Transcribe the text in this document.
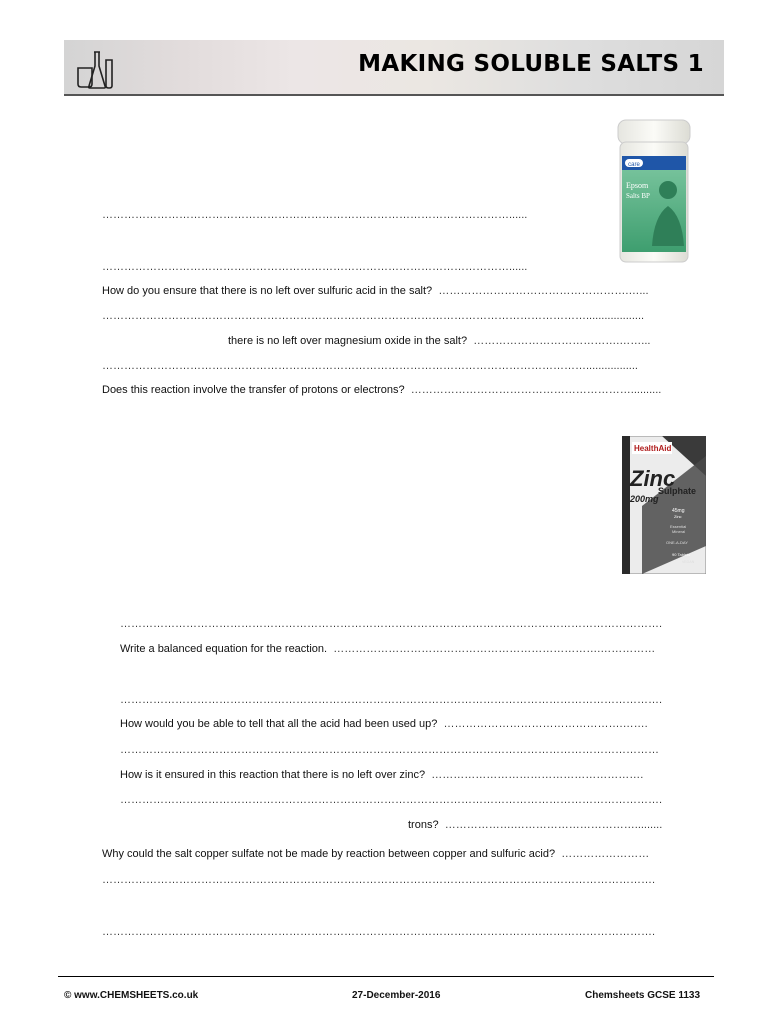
MAKING SOLUBLE SALTS 1
care
Epsom
Salts BP
HealthAid
Zinc
Sulphate
200mg
45mg
Zinc
Essential
Mineral
ONE-A-DAY
90 Tablets
VEGAN
…………………………………………………………………………………………………......
…………………………………………………………………………………………………......
How do you ensure that there is no left over sulfuric acid in the salt? …………………………………………….…...
……………………………………………………………………………………………………………………...................
there is no left over magnesium oxide in the salt? ………………………………….……...
…………………………………………………………………………………………………………………….................
Does this reaction involve the transfer of protons or electrons? ……………………………………………………..........
………………………………………………………………………………………………………………………………….
Write a balanced equation for the reaction. ……………………………………………………………….……………
………………………………………………………………………………………………………………………………….
How would you be able to tell that all the acid had been used up? ………………………………………….…….
…………………………………………………………………………………………………………………………………
How is it ensured in this reaction that there is no left over zinc? ………………………………………………….
………………………………………………………………………………………………………………………………….
trons? ……………….…………………………….........
Why could the salt copper sulfate not be made by reaction between copper and sulfuric acid? ……………………
…………………………………………………………………………………………………………………………………….
…………………………………………………………………………………………………………………………………….
© www.CHEMSHEETS.co.uk	27-December-2016	Chemsheets GCSE 1133
